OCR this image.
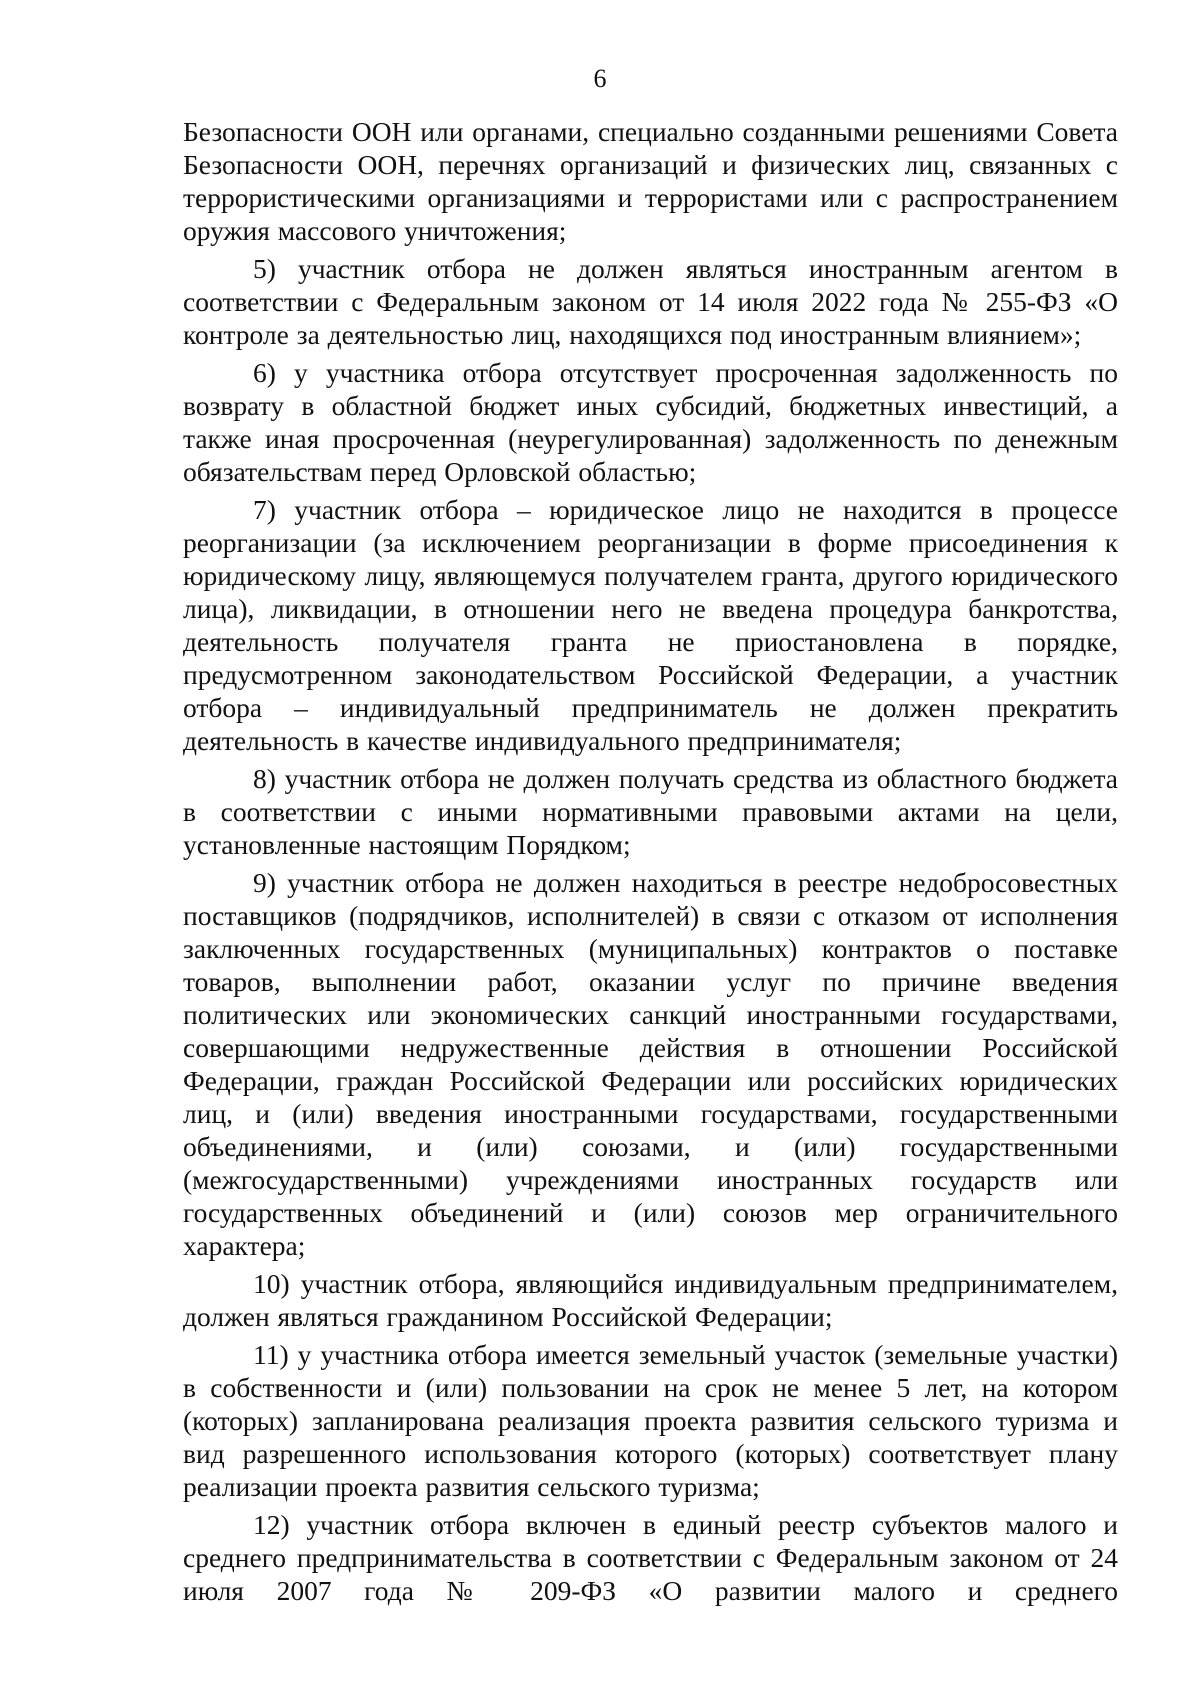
6

Безопасности ООН или органами, специально созданными решениями Совета Безопасности ООН, перечнях организаций и физических лиц, связанных с террористическими организациями и террористами или с распространением оружия массового уничтожения;

5) участник отбора не должен являться иностранным агентом в соответствии с Федеральным законом от 14 июля 2022 года № 255-ФЗ «О контроле за деятельностью лиц, находящихся под иностранным влиянием»;

6) у участника отбора отсутствует просроченная задолженность по возврату в областной бюджет иных субсидий, бюджетных инвестиций, а также иная просроченная (неурегулированная) задолженность по денежным обязательствам перед Орловской областью;

7) участник отбора – юридическое лицо не находится в процессе реорганизации (за исключением реорганизации в форме присоединения к юридическому лицу, являющемуся получателем гранта, другого юридического лица), ликвидации, в отношении него не введена процедура банкротства, деятельность получателя гранта не приостановлена в порядке, предусмотренном законодательством Российской Федерации, а участник отбора – индивидуальный предприниматель не должен прекратить деятельность в качестве индивидуального предпринимателя;

8) участник отбора не должен получать средства из областного бюджета в соответствии с иными нормативными правовыми актами на цели, установленные настоящим Порядком;

9) участник отбора не должен находиться в реестре недобросовестных поставщиков (подрядчиков, исполнителей) в связи с отказом от исполнения заключенных государственных (муниципальных) контрактов о поставке товаров, выполнении работ, оказании услуг по причине введения политических или экономических санкций иностранными государствами, совершающими недружественные действия в отношении Российской Федерации, граждан Российской Федерации или российских юридических лиц, и (или) введения иностранными государствами, государственными объединениями, и (или) союзами, и (или) государственными (межгосударственными) учреждениями иностранных государств или государственных объединений и (или) союзов мер ограничительного характера;

10) участник отбора, являющийся индивидуальным предпринимателем, должен являться гражданином Российской Федерации;

11) у участника отбора имеется земельный участок (земельные участки) в собственности и (или) пользовании на срок не менее 5 лет, на котором (которых) запланирована реализация проекта развития сельского туризма и вид разрешенного использования которого (которых) соответствует плану реализации проекта развития сельского туризма;

12) участник отбора включен в единый реестр субъектов малого и среднего предпринимательства в соответствии с Федеральным законом от 24 июля 2007 года № 209-ФЗ «О развитии малого и среднего
